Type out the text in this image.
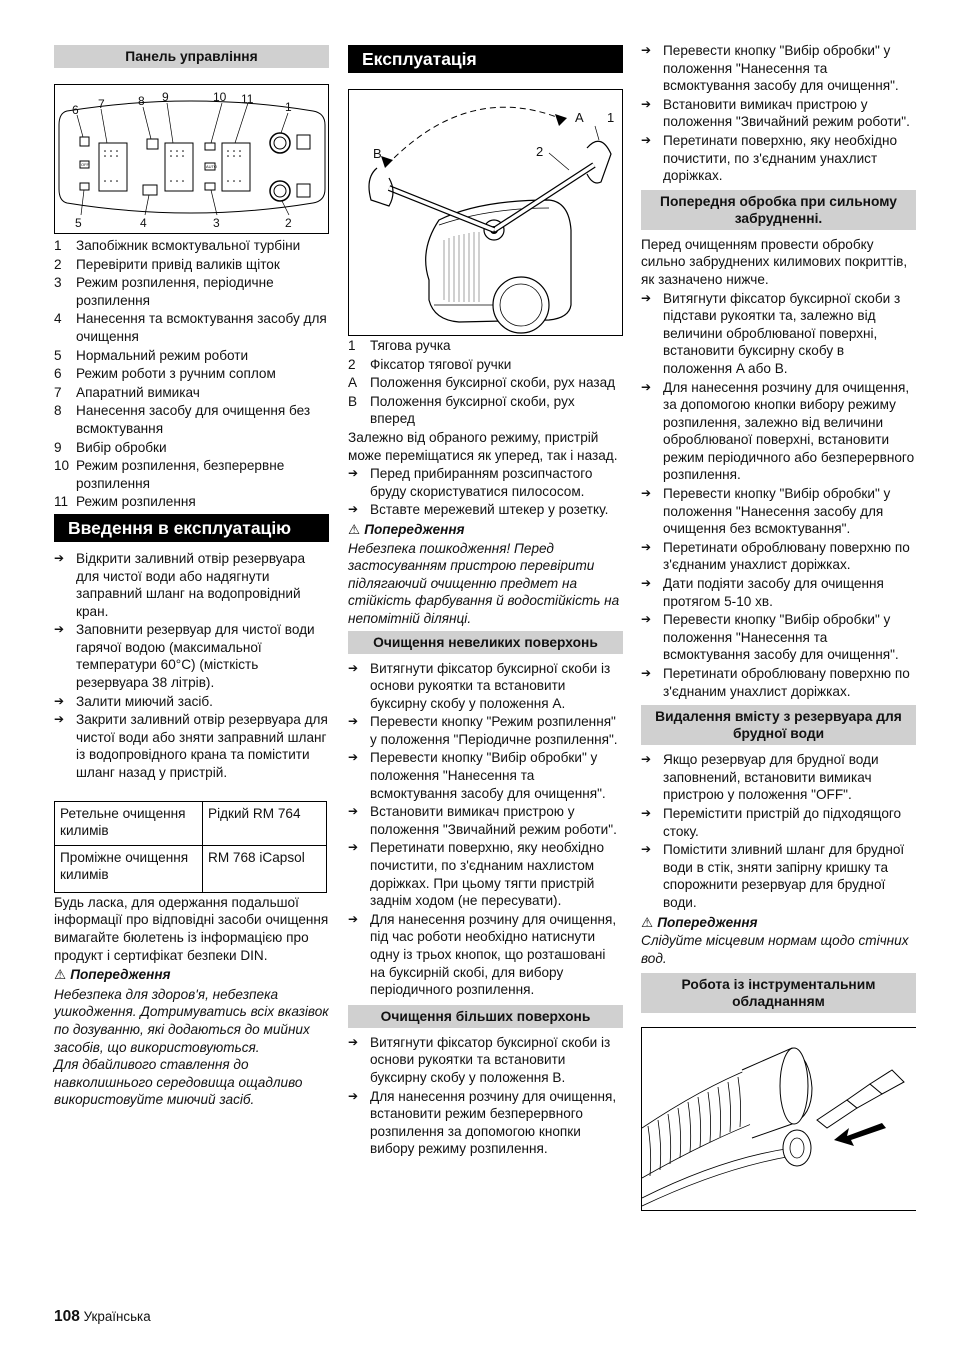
Панель управління
6 7	8 9	10 11
1
5	4	3	2
OFF	AUTO
1	Запобіжник всмоктувальної турбіни
2	Перевірити привід валиків щіток
3	Режим розпилення, періодичне розпилення
4	Нанесення та всмоктування засобу для очищення
5	Нормальний режим роботи
6	Режим роботи з ручним соплом
7	Апаратний вимикач
8	Нанесення засобу для очищення без всмоктування
9	Вибір обробки
10 Режим розпилення, безперервне розпилення
11 Режим розпилення
Введення в експлуатацію
➔ Відкрити заливний отвір резервуара для чистої води або надягнути заправний шланг на водопровідний кран.
➔ Заповнити резервуар для чистої води гарячої водою (максимальної температури 60°C) (місткість резервуара 38 літрів).
➔ Залити миючий засіб.
➔ Закрити заливний отвір резервуара для чистої води або зняти заправний шланг із водопровідного крана та помістити шланг назад у пристрій.
Ретельне очищення килимів	Рідкий RM 764
Проміжне очищення килимів	RM 768 iCapsol

Будь ласка, для одержання подальшої інформації про відповідні засоби очищення вимагайте бюлетень із інформацією про продукт і сертифікат безпеки DIN.

⚠ Попередження

Небезпека для здоров'я, небезпека ушкодження. Дотримуватись всіх вказівок по дозуванню, які додаються до мийних засобів, що використовуються.

Для дбайливого ставлення до навколишнього середовища ощадливо використовуйте миючий засіб.

Експлуатація
A 1
B	2
1	Тягова ручка
2	Фіксатор тягової ручки
A Положення буксирної скоби, рух назад
B Положення буксирної скоби, рух вперед

Залежно від обраного режиму, пристрій може переміщатися як уперед, так і назад.

➔ Перед прибиранням розсипчастого бруду скористуватися пилососом.
➔ Вставте мережевий штекер у розетку.

⚠ Попередження

Небезпека пошкодження! Перед застосуванням пристрою перевірити підлягаючий очищенню предмет на стійкість фарбування й водостійкість на непомітній ділянці.

Очищення невеликих поверхонь
➔ Витягнути фіксатор буксирної скоби із основи рукоятки та встановити буксирну скобу у положення A.
➔ Перевести кнопку "Режим розпилення" у положення "Періодичне розпилення".
➔ Перевести кнопку "Вибір обробки" у положення "Нанесення та всмоктування засобу для очищення".
➔ Встановити вимикач пристрою у положення "Звичайний режим роботи".
➔ Перетинати поверхню, яку необхідно почистити, по з'єднаним нахлистом доріжках. При цьому тягти пристрій заднім ходом (не пересувати).
➔ Для нанесення розчину для очищення, під час роботи необхідно натиснути одну із трьох кнопок, що розташовані на буксирній скобі, для вибору періодичного розпилення.
Очищення більших поверхонь
➔ Витягнути фіксатор буксирної скоби із основи рукоятки та встановити буксирну скобу у положення B.
➔ Для нанесення розчину для очищення, встановити режим безперервного розпилення за допомогою кнопки вибору режиму розпилення.
➔ Перевести кнопку "Вибір обробки" у положення "Нанесення та всмоктування засобу для очищення".
➔ Встановити вимикач пристрою у положення "Звичайний режим роботи".
➔ Перетинати поверхню, яку необхідно почистити, по з'єднаним унахлист доріжках.
Попередня обробка при сильному забрудненні.

Перед очищенням провести обробку сильно забруднених килимових покриттів, як зазначено нижче.

➔ Витягнути фіксатор буксирної скоби з підстави рукоятки та, залежно від величини оброблюваної поверхні, встановити буксирну скобу в положення A або B.
➔ Для нанесення розчину для очищення, за допомогою кнопки вибору режиму розпилення, залежно від величини оброблюваної поверхні, встановити режим періодичного або безперервного розпилення.
➔ Перевести кнопку "Вибір обробки" у положення "Нанесення засобу для очищення без всмоктування".
➔ Перетинати оброблювану поверхню по з'єднаним унахлист доріжках.
➔ Дати подіяти засобу для очищення протягом 5-10 хв.
➔ Перевести кнопку "Вибір обробки" у положення "Нанесення та всмоктування засобу для очищення".
➔ Перетинати оброблювану поверхню по з'єднаним унахлист доріжках.
Видалення вмісту з резервуара для брудної води
➔ Якщо резервуар для брудної води заповнений, встановити вимикач пристрою у положення "OFF".
➔ Перемістити пристрій до підходящого стоку.
➔ Помістити зливний шланг для брудної води в стік, зняти запірну кришку та спорожнити резервуар для брудної води.

⚠ Попередження

Слідуйте місцевим нормам щодо стічних вод.

Робота із інструментальним обладнанням
108 Українська
